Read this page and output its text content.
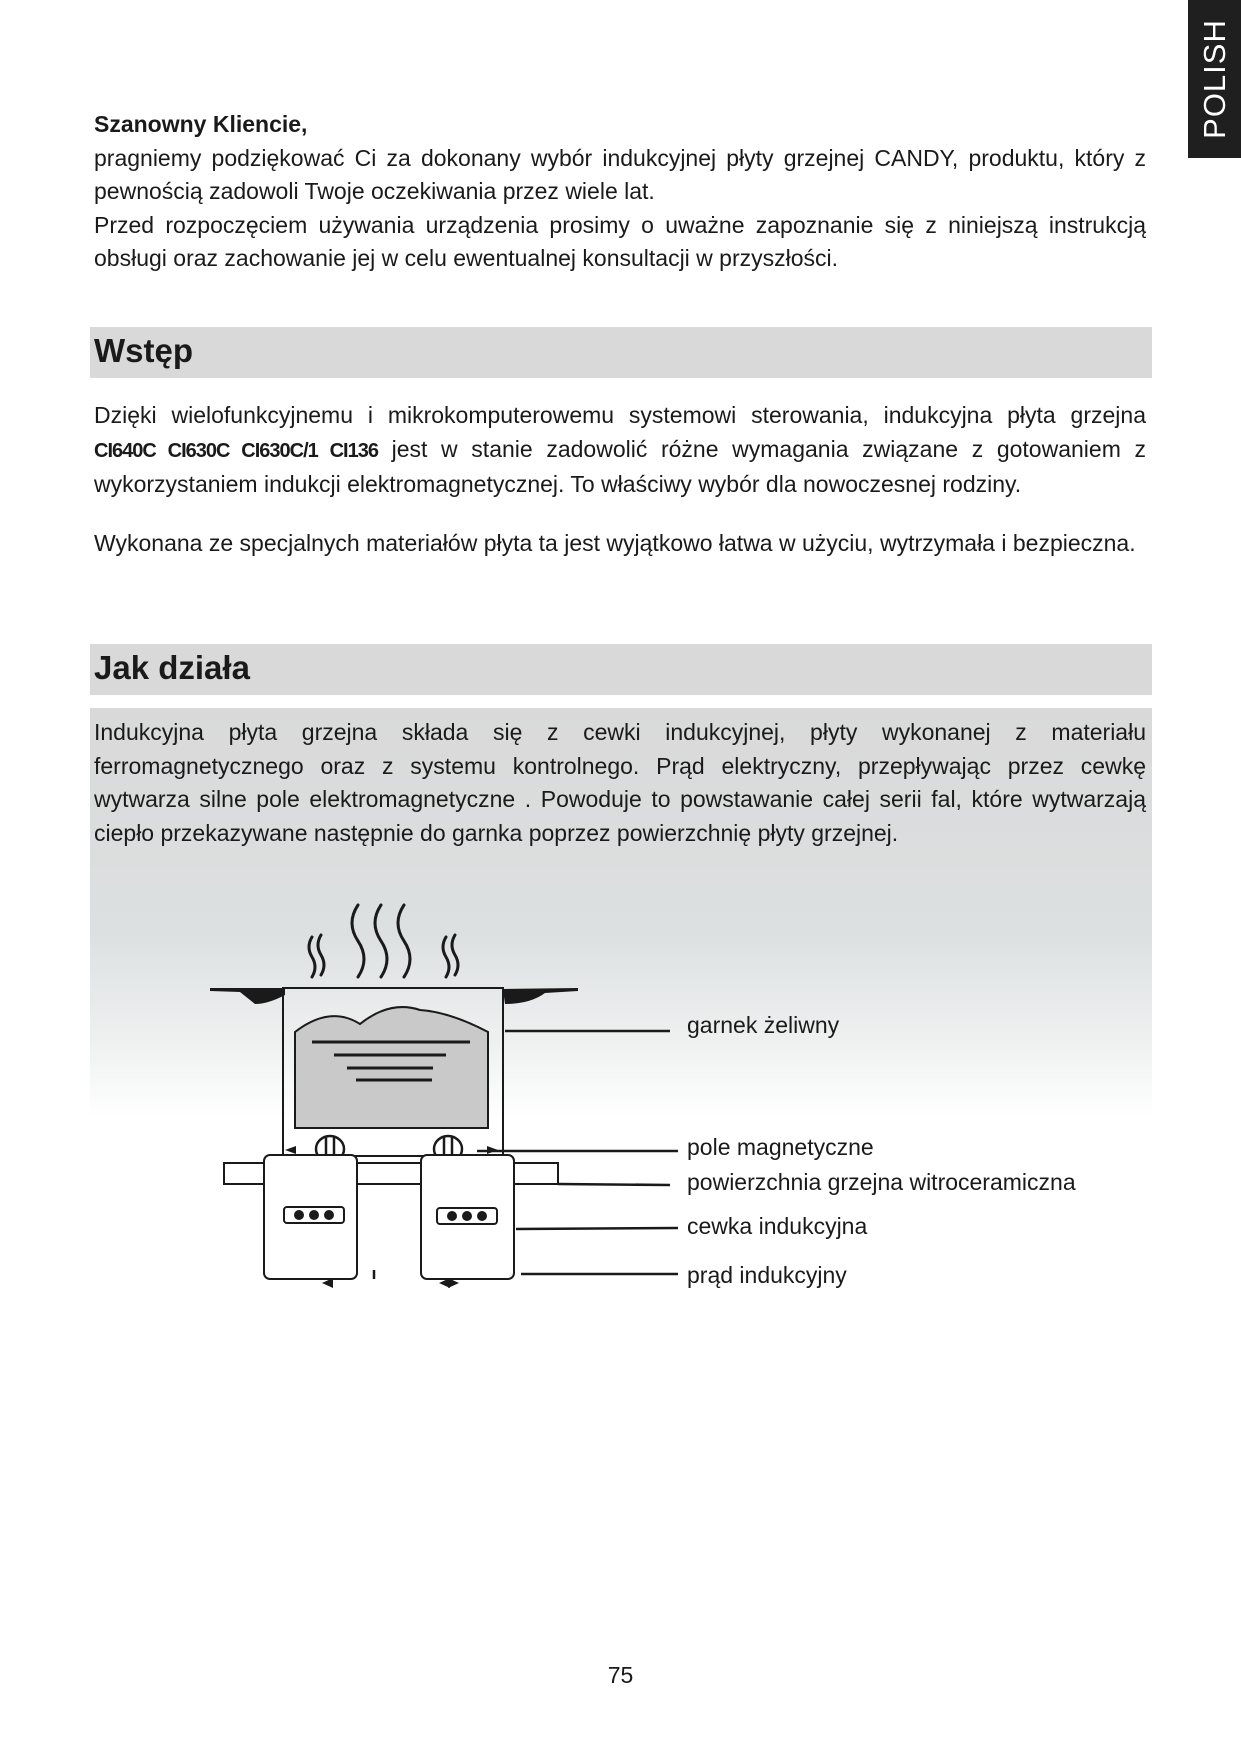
POLISH
Szanowny Kliencie,
pragniemy podziękować Ci za dokonany wybór indukcyjnej płyty grzejnej CANDY, produktu, który z pewnością zadowoli Twoje oczekiwania przez wiele lat.
Przed rozpoczęciem używania urządzenia prosimy o uważne zapoznanie się z niniejszą instrukcją obsługi oraz zachowanie jej w celu ewentualnej konsultacji w przyszłości.
Wstęp
Dzięki wielofunkcyjnemu i mikrokomputerowemu systemowi sterowania, indukcyjna płyta grzejna CI640C CI630C CI630C/1 CI136 jest w stanie zadowolić różne wymagania związane z gotowaniem z wykorzystaniem indukcji elektromagnetycznej. To właściwy wybór dla nowoczesnej rodziny.
Wykonana ze specjalnych materiałów płyta ta jest wyjątkowo łatwa w użyciu, wytrzymała i bezpieczna.
Jak działa
Indukcyjna płyta grzejna składa się z cewki indukcyjnej, płyty wykonanej z materiału ferromagnetycznego oraz z systemu kontrolnego. Prąd elektryczny, przepływając przez cewkę wytwarza silne pole elektromagnetyczne . Powoduje to powstawanie całej serii fal, które wytwarzają ciepło przekazywane następnie do garnka poprzez powierzchnię płyty grzejnej.
garnek żeliwny
pole magnetyczne
powierzchnia grzejna witroceramiczna
cewka indukcyjna
prąd indukcyjny
75
